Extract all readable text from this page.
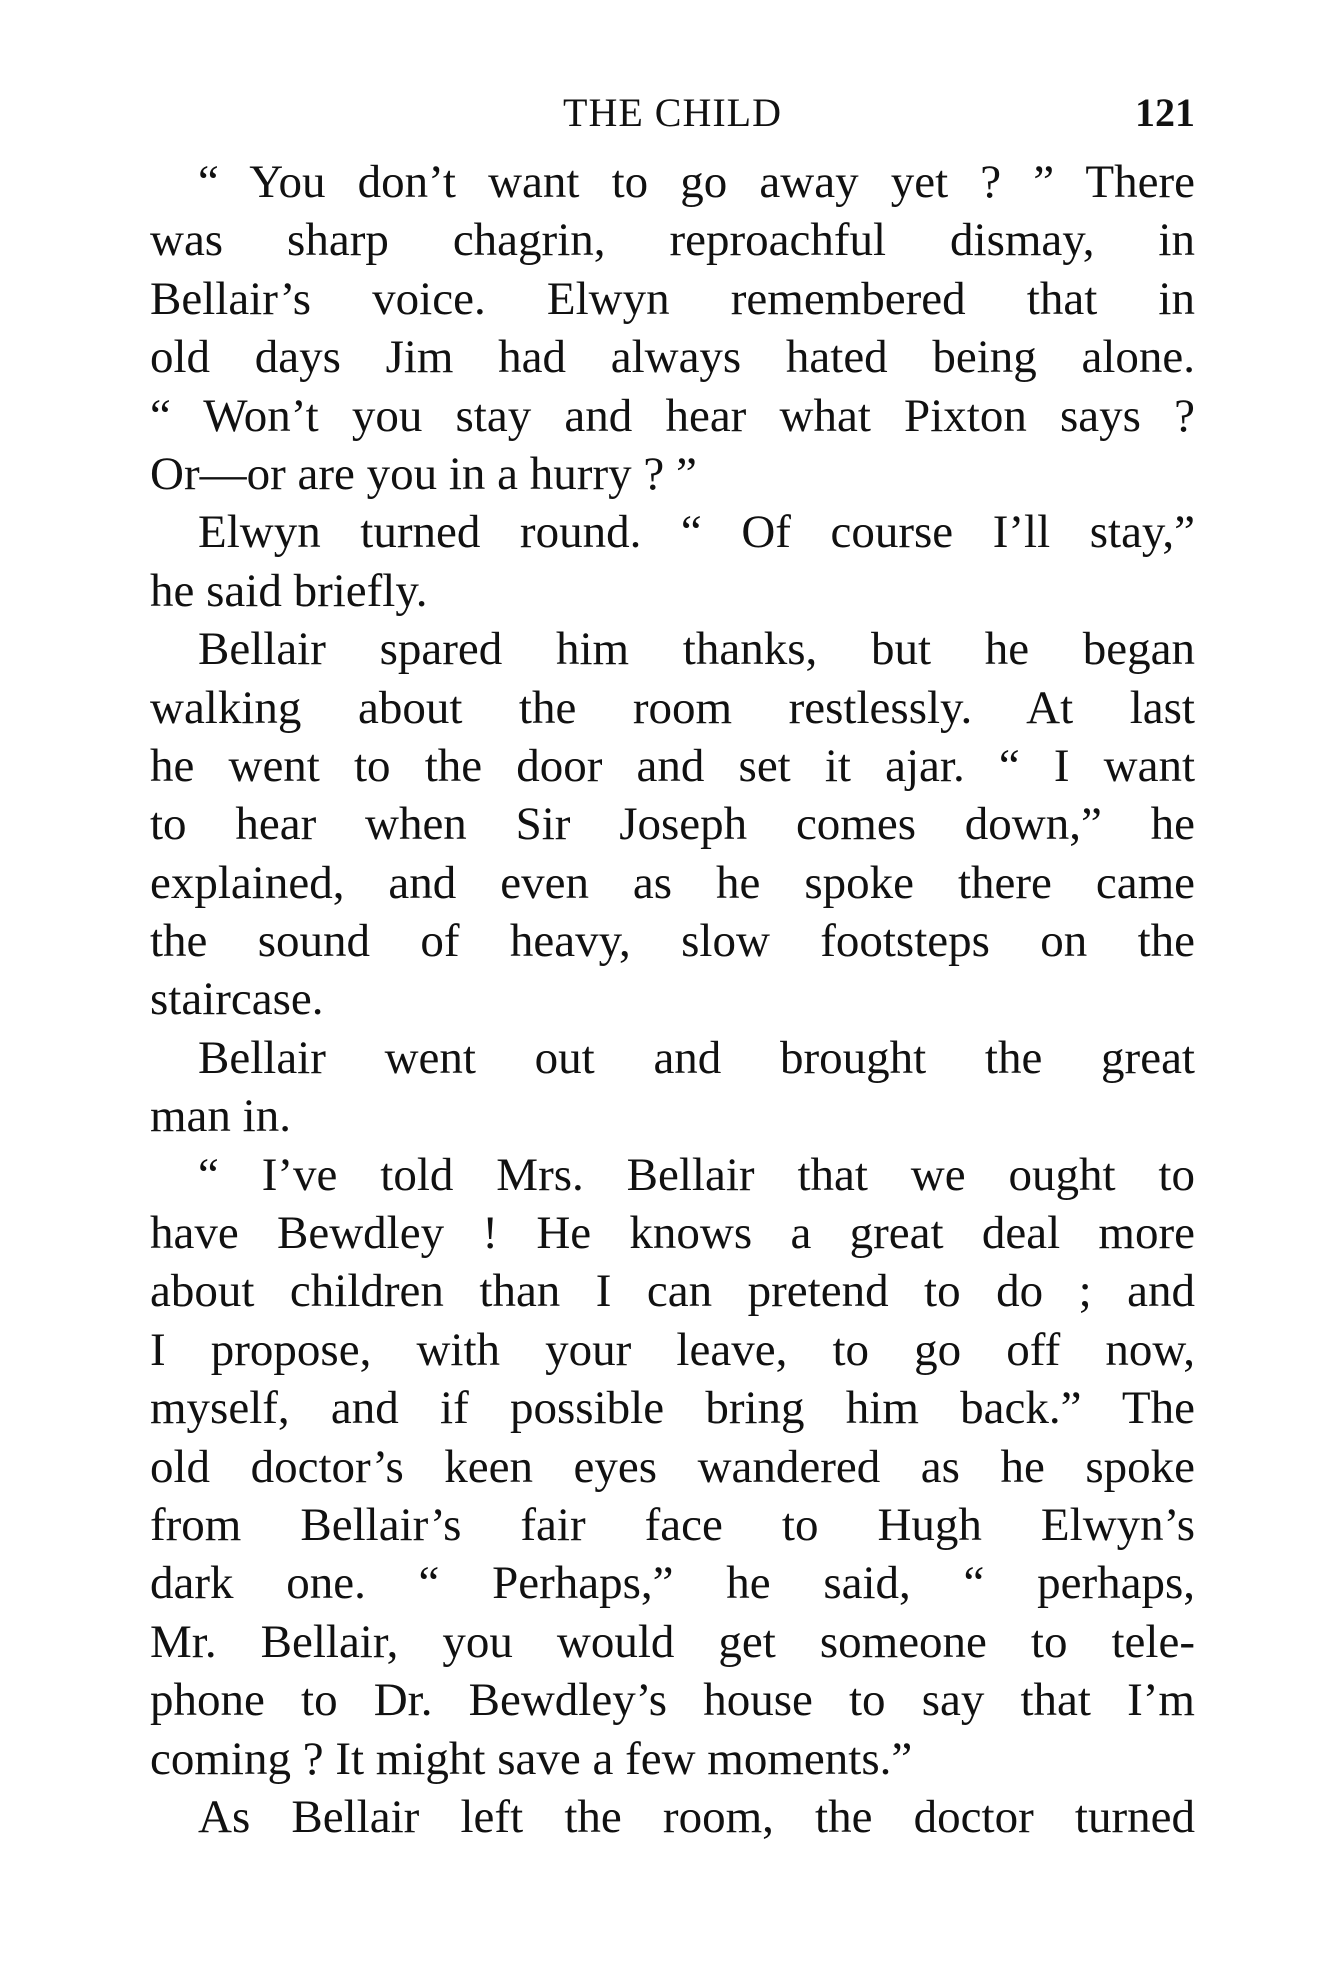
THE CHILD	121
“ You don’t want to go away yet ? ” There
was sharp chagrin, reproachful dismay, in
Bellair’s voice. Elwyn remembered that in
old days Jim had always hated being alone.
“ Won’t you stay and hear what Pixton says ?
Or—or are you in a hurry ? ”
Elwyn turned round. “ Of course I’ll stay,”
he said briefly.
Bellair spared him thanks, but he began
walking about the room restlessly. At last
he went to the door and set it ajar. “ I want
to hear when Sir Joseph comes down,” he
explained, and even as he spoke there came
the sound of heavy, slow footsteps on the
staircase.
Bellair went out and brought the great
man in.
“ I’ve told Mrs. Bellair that we ought to
have Bewdley ! He knows a great deal more
about children than I can pretend to do ; and
I propose, with your leave, to go off now,
myself, and if possible bring him back.” The
old doctor’s keen eyes wandered as he spoke
from Bellair’s fair face to Hugh Elwyn’s
dark one. “ Perhaps,” he said, “ perhaps,
Mr. Bellair, you would get someone to tele-
phone to Dr. Bewdley’s house to say that I’m
coming ? It might save a few moments.”
As Bellair left the room, the doctor turned
